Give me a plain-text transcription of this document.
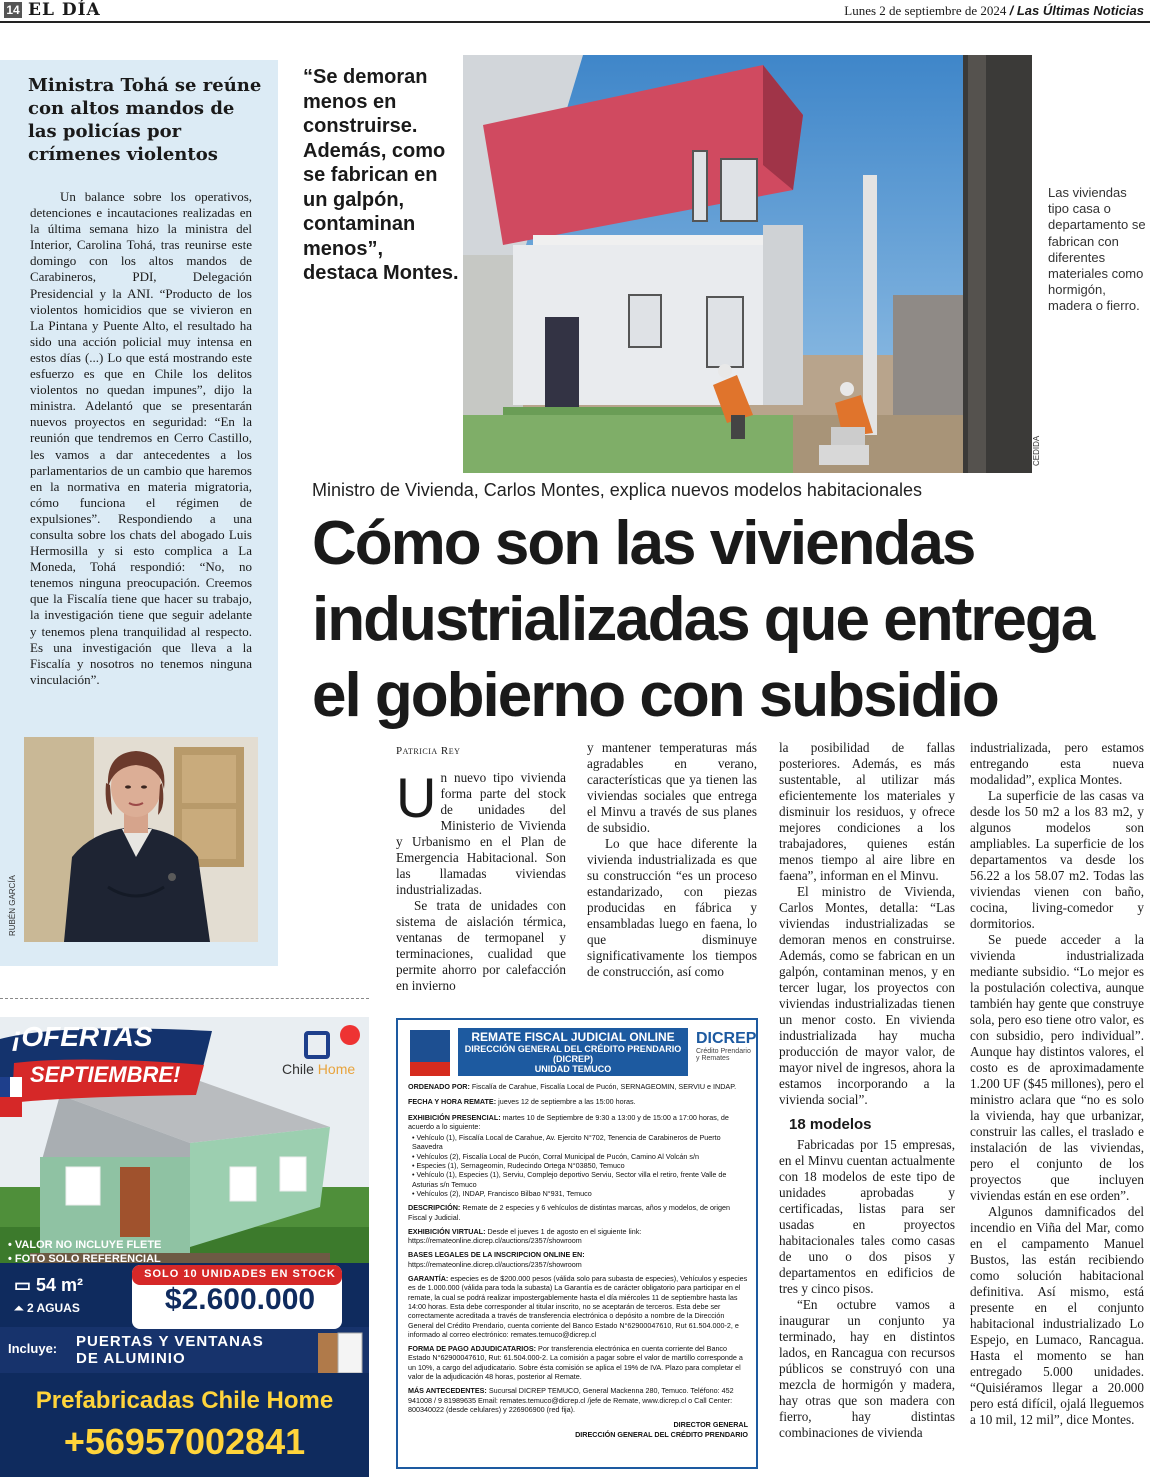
14 EL DÍA	Lunes 2 de septiembre de 2024 / Las Últimas Noticias
Ministra Tohá se reúne con altos mandos de las policías por crímenes violentos
Un balance sobre los operativos, detenciones e incautaciones realizadas en la última semana hizo la ministra del Interior, Carolina Tohá, tras reunirse este domingo con los altos mandos de Carabineros, PDI, Delegación Presidencial y la ANI. “Producto de los violentos homicidios que se vivieron en La Pintana y Puente Alto, el resultado ha sido una acción policial muy intensa en estos días (...) Lo que está mostrando este esfuerzo es que en Chile los delitos violentos no quedan impunes”, dijo la ministra. Adelantó que se presentarán nuevos proyectos en seguridad: “En la reunión que tendremos en Cerro Castillo, les vamos a dar antecedentes a los parlamentarios de un cambio que haremos en la normativa en materia migratoria, cómo funciona el régimen de expulsiones”. Respondiendo a una consulta sobre los chats del abogado Luis Hermosilla y si esto complica a La Moneda, Tohá respondió: “No, no tenemos ninguna preocupación. Creemos que la Fiscalía tiene que hacer su trabajo, la investigación tiene que seguir adelante y tenemos plena tranquilidad al respecto. Es una investigación que lleva a la Fiscalía y nosotros no tenemos ninguna vinculación”.
RUBÉN GARCÍA
“Se demoran menos en construirse. Además, como se fabrican en un galpón, contaminan menos”, destaca Montes.
CEDIDA
Las viviendas tipo casa o departamento se fabrican con diferentes materiales como hormigón, madera o fierro.
Ministro de Vivienda, Carlos Montes, explica nuevos modelos habitacionales
Cómo son las viviendas industrializadas que entrega el gobierno con subsidio
Patricia Rey
U n nuevo tipo vivienda forma parte del stock de unidades del Ministerio de Vivienda y Urbanismo en el Plan de Emergencia Habitacional. Son las llamadas viviendas industrializadas.

Se trata de unidades con sistema de aislación térmica, ventanas de termopanel y terminaciones, cualidad que permite ahorro por calefacción en invierno

y mantener temperaturas más agradables en verano, características que ya tienen las viviendas sociales que entrega el Minvu a través de sus planes de subsidio.

Lo que hace diferente la vivienda industrializada es que su construcción “es un proceso estandarizado, con piezas producidas en fábrica y ensambladas luego en faena, lo que disminuye significativamente los tiempos de construcción, así como

la posibilidad de fallas posteriores. Además, es más sustentable, al utilizar más eficientemente los materiales y disminuir los residuos, y ofrece mejores condiciones a los trabajadores, quienes están menos tiempo al aire libre en faena”, informan en el Minvu.

El ministro de Vivienda, Carlos Montes, detalla: “Las viviendas industrializadas se demoran menos en construirse. Además, como se fabrican en un galpón, contaminan menos, y en tercer lugar, los proyectos con viviendas industrializadas tienen un menor costo. En vivienda industrializada hay mucha producción de mayor valor, de mayor nivel de ingresos, ahora la estamos incorporando a la vivienda social”.

18 modelos

Fabricadas por 15 empresas, en el Minvu cuentan actualmente con 18 modelos de este tipo de unidades aprobadas y certificadas, listas para ser usadas en proyectos habitacionales tales como casas de uno o dos pisos y departamentos en edificios de tres y cinco pisos.

“En octubre vamos a inaugurar un conjunto ya terminado, hay en distintos lados, en Rancagua con recursos públicos se construyó con una mezcla de hormigón y madera, hay otras que son madera con fierro, hay distintas combinaciones de vivienda

industrializada, pero estamos entregando esta nueva modalidad”, explica Montes.

La superficie de las casas va desde los 50 m2 a los 83 m2, y algunos modelos son ampliables. La superficie de los departamentos va desde los 56.22 a los 58.07 m2. Todas las viviendas vienen con baño, cocina, living-comedor y dormitorios.

Se puede acceder a la vivienda industrializada mediante subsidio. “Lo mejor es la postulación colectiva, aunque también hay gente que construye sola, pero eso tiene otro valor, es con subsidio, pero individual”. Aunque hay distintos valores, el costo es de aproximadamente 1.200 UF ($45 millones), pero el ministro aclara que “no es solo la vivienda, hay que urbanizar, construir las calles, el traslado e instalación de las viviendas, pero el conjunto de los proyectos que incluyen viviendas están en ese orden”.

Algunos damnificados del incendio en Viña del Mar, como en el campamento Manuel Bustos, las están recibiendo como solución habitacional definitiva. Así mismo, está presente en el conjunto habitacional industrializado Lo Espejo, en Lumaco, Rancagua. Hasta el momento se han entregado 5.000 unidades. “Quisiéramos llegar a 20.000 pero está difícil, ojalá lleguemos a 10 mil, 12 mil”, dice Montes.

¡OFERTAS
SEPTIEMBRE!	Chile Home
• VALOR NO INCLUYE FLETE
• FOTO SOLO REFERENCIAL
SOLO 10 UNIDADES EN STOCK
$2.600.000
▭ 54 m²
⏶ 2 AGUAS
Incluye: PUERTAS Y VENTANAS DE ALUMINIO
Prefabricadas Chile Home
+56957002841
REMATE FISCAL JUDICIAL ONLINE
DIRECCIÓN GENERAL DEL CRÉDITO PRENDARIO (DICREP)
UNIDAD TEMUCO
DICREP
Crédito Prendario y Remates

ORDENADO POR: Fiscalía de Carahue, Fiscalía Local de Pucón, SERNAGEOMIN, SERVIU e INDAP.

FECHA Y HORA REMATE: jueves 12 de septiembre a las 15:00 horas.

EXHIBICIÓN PRESENCIAL: martes 10 de Septiembre de 9:30 a 13:00 y de 15:00 a 17:00 horas, de acuerdo a lo siguiente:

• Vehículo (1), Fiscalía Local de Carahue, Av. Ejercito N°702, Tenencia de Carabineros de Puerto Saavedra
• Vehículos (2), Fiscalía Local de Pucón, Corral Municipal de Pucón, Camino Al Volcán s/n
• Especies (1), Sernageomin, Rudecindo Ortega N°03850, Temuco
• Vehículo (1), Especies (1), Serviu, Complejo deportivo Serviu, Sector villa el retiro, frente Valle de Asturias s/n Temuco
• Vehículos (2), INDAP, Francisco Bilbao N°931, Temuco

DESCRIPCIÓN: Remate de 2 especies y 6 vehículos de distintas marcas, años y modelos, de origen Fiscal y Judicial.

EXHIBICIÓN VIRTUAL: Desde el jueves 1 de agosto en el siguiente link: https://remateonline.dicrep.cl/auctions/2357/showroom

BASES LEGALES DE LA INSCRIPCION ONLINE EN: https://remateonline.dicrep.cl/auctions/2357/showroom

GARANTÍA: especies es de $200.000 pesos (válida solo para subasta de especies), Vehículos y especies es de 1.000.000 (válida para toda la subasta) La Garantía es de carácter obligatorio para participar en el remate, la cual se podrá realizar impostergablemente hasta el día miércoles 11 de septiembre hasta las 14:00 horas. Esta debe corresponder al titular inscrito, no se aceptarán de terceros. Esta debe ser correctamente acreditada a través de transferencia electrónica o depósito a nombre de la Dirección General del Crédito Prendario, cuenta corriente del Banco Estado N°62900047610, Rut 61.504.000-2, e informado al correo electrónico: remates.temuco@dicrep.cl

FORMA DE PAGO ADJUDICATARIOS: Por transferencia electrónica en cuenta corriente del Banco Estado N°62900047610, Rut: 61.504.000-2. La comisión a pagar sobre el valor de martillo corresponde a un 10%, a cargo del adjudicatario. Sobre ésta comisión se aplica el 19% de IVA. Plazo para completar el valor de la adjudicación 48 horas, posterior al Remate.

MÁS ANTECEDENTES: Sucursal DICREP TEMUCO, General Mackenna 280, Temuco. Teléfono: 452 941008 / 9 81989635 Email: remates.temuco@dicrep.cl /jefe de Remate, www.dicrep.cl o Call Center: 800340022 (desde celulares) y 226906900 (red fija).

DIRECTOR GENERAL

DIRECCIÓN GENERAL DEL CRÉDITO PRENDARIO
